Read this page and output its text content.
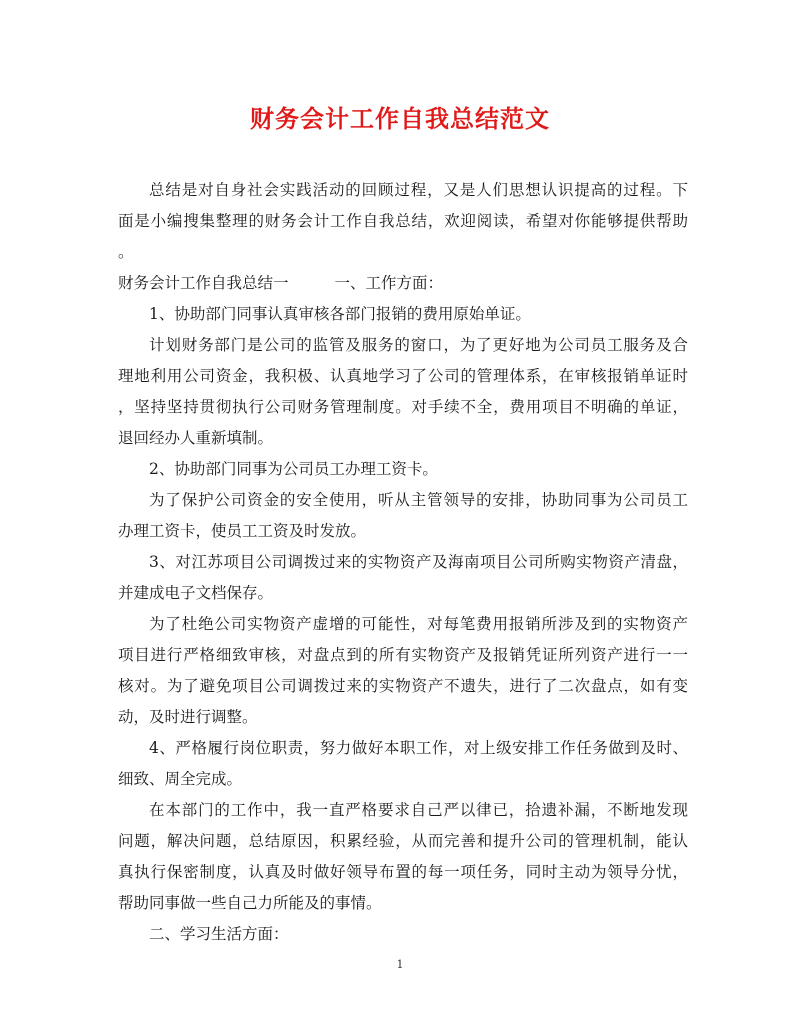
财务会计工作自我总结范文
总结是对自身社会实践活动的回顾过程，又是人们思想认识提高的过程。下
面是小编搜集整理的财务会计工作自我总结，欢迎阅读，希望对你能够提供帮助
。
财务会计工作自我总结一	一、工作方面：
1、协助部门同事认真审核各部门报销的费用原始单证。
计划财务部门是公司的监管及服务的窗口，为了更好地为公司员工服务及合
理地利用公司资金，我积极、认真地学习了公司的管理体系，在审核报销单证时
，坚持坚持贯彻执行公司财务管理制度。对手续不全，费用项目不明确的单证，
退回经办人重新填制。
2、协助部门同事为公司员工办理工资卡。
为了保护公司资金的安全使用，听从主管领导的安排，协助同事为公司员工
办理工资卡，使员工工资及时发放。
3、对江苏项目公司调拨过来的实物资产及海南项目公司所购实物资产清盘，
并建成电子文档保存。
为了杜绝公司实物资产虚增的可能性，对每笔费用报销所涉及到的实物资产
项目进行严格细致审核，对盘点到的所有实物资产及报销凭证所列资产进行一一
核对。为了避免项目公司调拨过来的实物资产不遗失，进行了二次盘点，如有变
动，及时进行调整。
4、严格履行岗位职责，努力做好本职工作，对上级安排工作任务做到及时、
细致、周全完成。
在本部门的工作中，我一直严格要求自己严以律已，拾遗补漏，不断地发现
问题，解决问题，总结原因，积累经验，从而完善和提升公司的管理机制，能认
真执行保密制度，认真及时做好领导布置的每一项任务，同时主动为领导分忧，
帮助同事做一些自己力所能及的事情。
二、学习生活方面：
1
